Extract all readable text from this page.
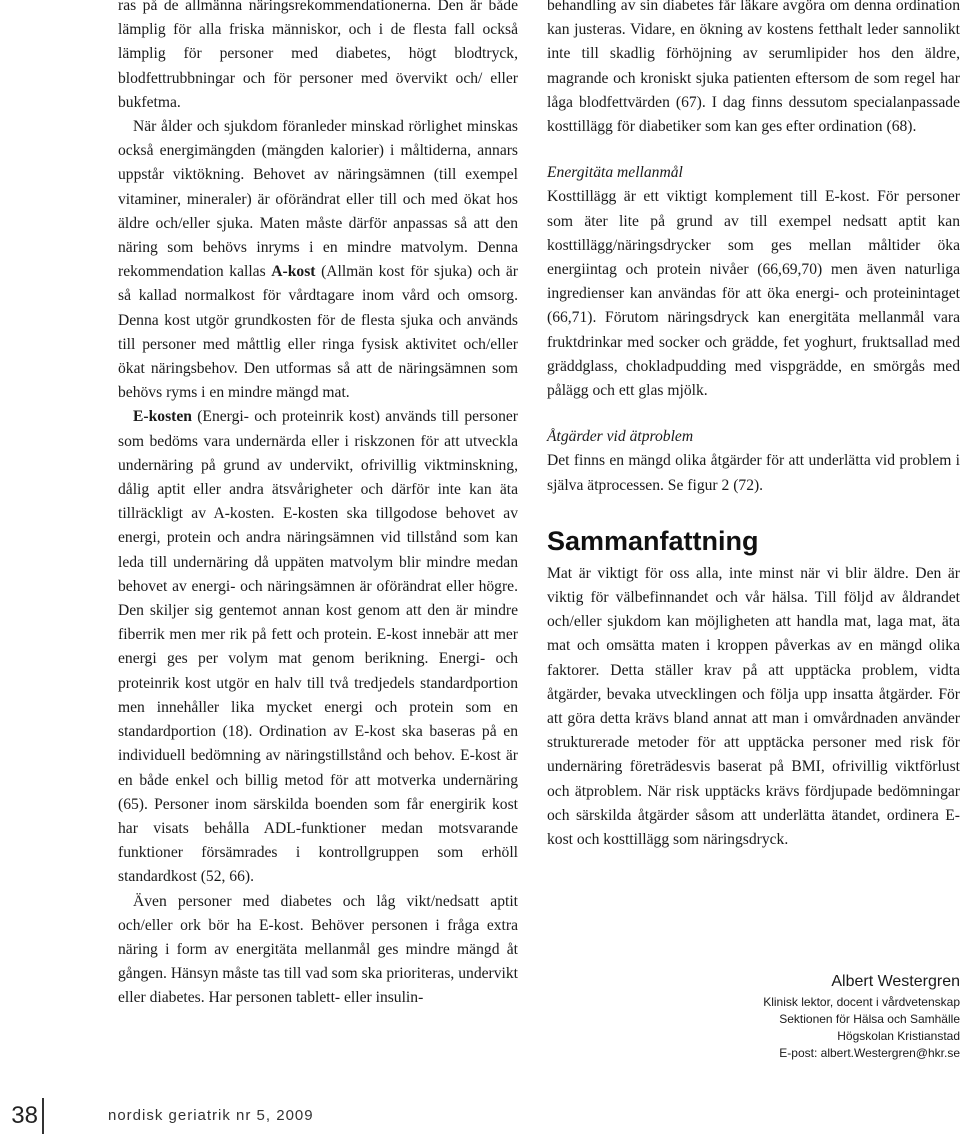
ras på de allmänna näringsrekommendationerna. Den är både lämplig för alla friska människor, och i de flesta fall också lämplig för personer med diabetes, högt blodtryck, blodfettrubbningar och för personer med övervikt och/ eller bukfetma.

När ålder och sjukdom föranleder minskad rörlighet minskas också energimängden (mängden kalorier) i måltiderna, annars uppstår viktökning. Behovet av näringsämnen (till exempel vitaminer, mineraler) är oförändrat eller till och med ökat hos äldre och/eller sjuka. Maten måste därför anpassas så att den näring som behövs inryms i en mindre matvolym. Denna rekommendation kallas A-kost (Allmän kost för sjuka) och är så kallad normalkost för vårdtagare inom vård och omsorg. Denna kost utgör grundkosten för de flesta sjuka och används till personer med måttlig eller ringa fysisk aktivitet och/eller ökat näringsbehov. Den utformas så att de näringsämnen som behövs ryms i en mindre mängd mat.

E-kosten (Energi- och proteinrik kost) används till personer som bedöms vara undernärda eller i riskzonen för att utveckla undernäring på grund av undervikt, ofrivillig viktminskning, dålig aptit eller andra ätsvårigheter och därför inte kan äta tillräckligt av A-kosten. E-kosten ska tillgodose behovet av energi, protein och andra näringsämnen vid tillstånd som kan leda till undernäring då uppäten matvolym blir mindre medan behovet av energi- och näringsämnen är oförändrat eller högre. Den skiljer sig gentemot annan kost genom att den är mindre fiberrik men mer rik på fett och protein. E-kost innebär att mer energi ges per volym mat genom berikning. Energi- och proteinrik kost utgör en halv till två tredjedels standardportion men innehåller lika mycket energi och protein som en standardportion (18). Ordination av E-kost ska baseras på en individuell bedömning av näringstillstånd och behov. E-kost är en både enkel och billig metod för att motverka undernäring (65). Personer inom särskilda boenden som får energirik kost har visats behålla ADL-funktioner medan motsvarande funktioner försämrades i kontrollgruppen som erhöll standardkost (52, 66).

Även personer med diabetes och låg vikt/nedsatt aptit och/eller ork bör ha E-kost. Behöver personen i fråga extra näring i form av energitäta mellanmål ges mindre mängd åt gången. Hänsyn måste tas till vad som ska prioriteras, undervikt eller diabetes. Har personen tablett- eller insulin-

behandling av sin diabetes får läkare avgöra om denna ordination kan justeras. Vidare, en ökning av kostens fetthalt leder sannolikt inte till skadlig förhöjning av serumlipider hos den äldre, magrande och kroniskt sjuka patienten eftersom de som regel har låga blodfettvärden (67). I dag finns dessutom specialanpassade kosttillägg för diabetiker som kan ges efter ordination (68).

Energitäta mellanmål

Kosttillägg är ett viktigt komplement till E-kost. För personer som äter lite på grund av till exempel nedsatt aptit kan kosttillägg/näringsdrycker som ges mellan måltider öka energiintag och protein nivåer (66,69,70) men även naturliga ingredienser kan användas för att öka energi- och proteinintaget (66,71). Förutom näringsdryck kan energitäta mellanmål vara fruktdrinkar med socker och grädde, fet yoghurt, fruktsallad med gräddglass, chokladpudding med vispgrädde, en smörgås med pålägg och ett glas mjölk.

Åtgärder vid ätproblem

Det finns en mängd olika åtgärder för att underlätta vid problem i själva ätprocessen. Se figur 2 (72).

Sammanfattning

Mat är viktigt för oss alla, inte minst när vi blir äldre. Den är viktig för välbefinnandet och vår hälsa. Till följd av åldrandet och/eller sjukdom kan möjligheten att handla mat, laga mat, äta mat och omsätta maten i kroppen påverkas av en mängd olika faktorer. Detta ställer krav på att upptäcka problem, vidta åtgärder, bevaka utvecklingen och följa upp insatta åtgärder. För att göra detta krävs bland annat att man i omvårdnaden använder strukturerade metoder för att upptäcka personer med risk för undernäring företrädesvis baserat på BMI, ofrivillig viktförlust och ätproblem. När risk upptäcks krävs fördjupade bedömningar och särskilda åtgärder såsom att underlätta ätandet, ordinera E-kost och kosttillägg som näringsdryck.

Albert Westergren
Klinisk lektor, docent i vårdvetenskap
Sektionen för Hälsa och Samhälle
Högskolan Kristianstad
E-post: albert.Westergren@hkr.se
38	nordisk geriatrik nr 5, 2009
